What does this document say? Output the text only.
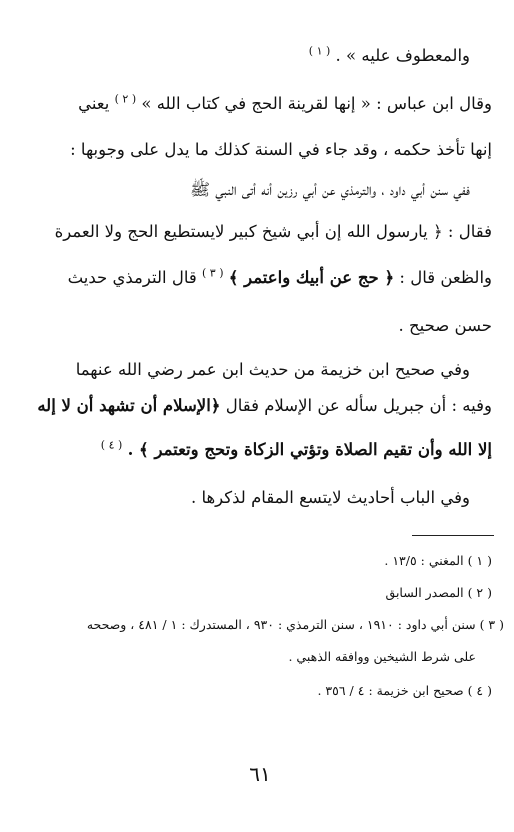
والمعطوف عليه » . $^{( ١ )}$
وقال ابن عباس : « إنها لقرينة الحج في كتاب الله » $^{( ٢ )}$ يعني
إنها تأخذ حكمه ، وقد جاء في السنة كذلك ما يدل على وجوبها :
ففي سنن أبي داود ، والترمذي عن أبي رزين أنه أتى النبي ﷺ
فقال : ﴿ يارسول الله إن أبي شيخ كبير لايستطيع الحج ولا العمرة
والظعن قال : ﴿ حج عن أبيك واعتمر ﴾ $^{( ٣ )}$ قال الترمذي حديث
حسن صحيح .
وفي صحيح ابن خزيمة من حديث ابن عمر رضي الله عنهما
وفيه : أن جبريل سأله عن الإسلام فقال ﴿الإسلام أن تشهد أن لا إله
إلا الله وأن تقيم الصلاة وتؤتي الزكاة وتحج وتعتمر ﴾ . $^{( ٤ )}$
وفي الباب أحاديث لايتسع المقام لذكرها .
( ١ ) المغني : ١٣/٥ .
( ٢ ) المصدر السابق
( ٣ ) سنن أبي داود : ١٩١٠ ، سنن الترمذي : ٩٣٠ ، المستدرك : ١ / ٤٨١ ، وصححه
على شرط الشيخين ووافقه الذهبي .
( ٤ ) صحيح ابن خزيمة : ٤ / ٣٥٦ .
٦١
